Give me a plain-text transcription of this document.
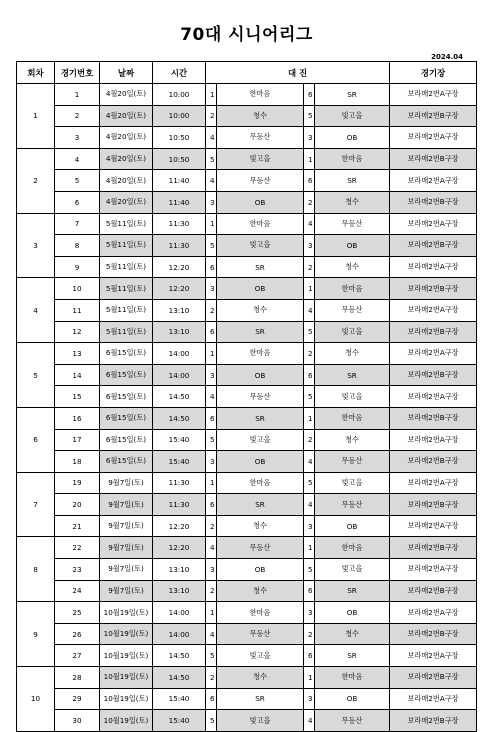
70대 시니어리그
2024.04
회차	경기번호	날짜	시간	대 진				경기장
1	1	4월20일(토)	10:00	1	한마음	6	SR	보라매2번A구장
	2	4월20일(토)	10:00	2	청수	5	빛고을	보라매2번B구장
	3	4월20일(토)	10:50	4	무등산	3	OB	보라매2번A구장
2	4	4월20일(토)	10:50	5	빛고을	1	한마음	보라매2번B구장
	5	4월20일(토)	11:40	4	무등산	6	SR	보라매2번A구장
	6	4월20일(토)	11:40	3	OB	2	청수	보라매2번B구장
3	7	5월11일(토)	11:30	1	한마음	4	무등산	보라매2번A구장
	8	5월11일(토)	11:30	5	빛고을	3	OB	보라매2번B구장
	9	5월11일(토)	12:20	6	SR	2	청수	보라매2번A구장
4	10	5월11일(토)	12:20	3	OB	1	한마음	보라매2번B구장
	11	5월11일(토)	13:10	2	청수	4	무등산	보라매2번A구장
	12	5월11일(토)	13:10	6	SR	5	빛고을	보라매2번B구장
5	13	6월15일(토)	14:00	1	한마음	2	청수	보라매2번A구장
	14	6월15일(토)	14:00	3	OB	6	SR	보라매2번B구장
	15	6월15일(토)	14:50	4	무등산	5	빛고을	보라매2번A구장
6	16	6월15일(토)	14:50	6	SR	1	한마음	보라매2번B구장
	17	6월15일(토)	15:40	5	빛고을	2	청수	보라매2번A구장
	18	6월15일(토)	15:40	3	OB	4	무등산	보라매2번B구장
7	19	9월7일(토)	11:30	1	한마음	5	빛고을	보라매2번A구장
	20	9월7일(토)	11:30	6	SR	4	무등산	보라매2번B구장
	21	9월7일(토)	12:20	2	청수	3	OB	보라매2번A구장
8	22	9월7일(토)	12:20	4	무등산	1	한마음	보라매2번B구장
	23	9월7일(토)	13:10	3	OB	5	빛고을	보라매2번A구장
	24	9월7일(토)	13:10	2	청수	6	SR	보라매2번B구장
9	25	10월19일(토)	14:00	1	한마음	3	OB	보라매2번A구장
	26	10월19일(토)	14:00	4	무등산	2	청수	보라매2번B구장
	27	10월19일(토)	14:50	5	빛고을	6	SR	보라매2번A구장
10	28	10월19일(토)	14:50	2	청수	1	한마음	보라매2번B구장
	29	10월19일(토)	15:40	6	SR	3	OB	보라매2번A구장
	30	10월19일(토)	15:40	5	빛고을	4	무등산	보라매2번B구장
